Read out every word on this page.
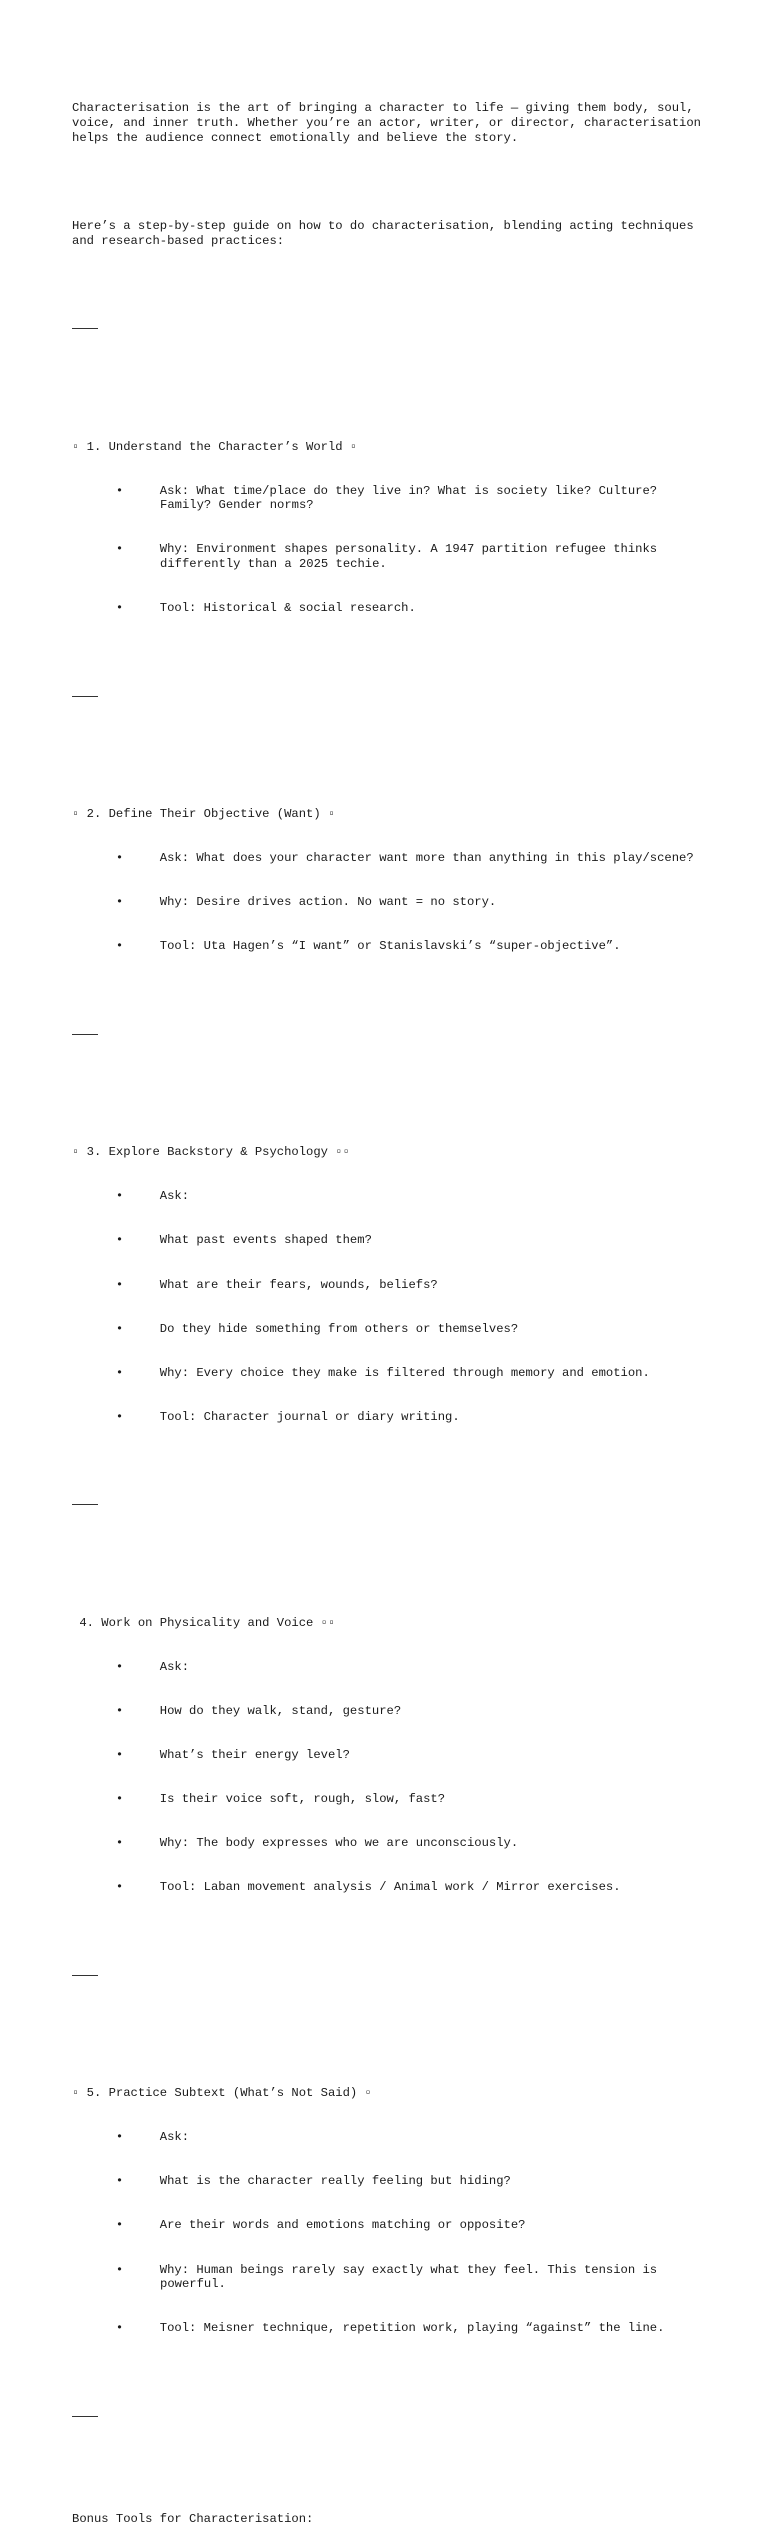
Characterisation is the art of bringing a character to life — giving them body, soul, voice, and inner truth. Whether you’re an actor, writer, or director, characterisation helps the audience connect emotionally and believe the story.

Here’s a step-by-step guide on how to do characterisation, blending acting techniques and research-based practices:

▫ 1. Understand the Character’s World ▫

•     Ask: What time/place do they live in? What is society like? Culture? Family? Gender norms?

•     Why: Environment shapes personality. A 1947 partition refugee thinks differently than a 2025 techie.

•     Tool: Historical & social research.

▫ 2. Define Their Objective (Want) ▫

•     Ask: What does your character want more than anything in this play/scene?

•     Why: Desire drives action. No want = no story.

•     Tool: Uta Hagen’s “I want” or Stanislavski’s “super-objective”.

▫ 3. Explore Backstory & Psychology ▫▫

•     Ask:

•     What past events shaped them?

•     What are their fears, wounds, beliefs?

•     Do they hide something from others or themselves?

•     Why: Every choice they make is filtered through memory and emotion.

•     Tool: Character journal or diary writing.

4. Work on Physicality and Voice ▫▫

•     Ask:

•     How do they walk, stand, gesture?

•     What’s their energy level?

•     Is their voice soft, rough, slow, fast?

•     Why: The body expresses who we are unconsciously.

•     Tool: Laban movement analysis / Animal work / Mirror exercises.

▫ 5. Practice Subtext (What’s Not Said) ▫

•     Ask:

•     What is the character really feeling but hiding?

•     Are their words and emotions matching or opposite?

•     Why: Human beings rarely say exactly what they feel. This tension is powerful.

•     Tool: Meisner technique, repetition work, playing “against” the line.

Bonus Tools for Characterisation:
